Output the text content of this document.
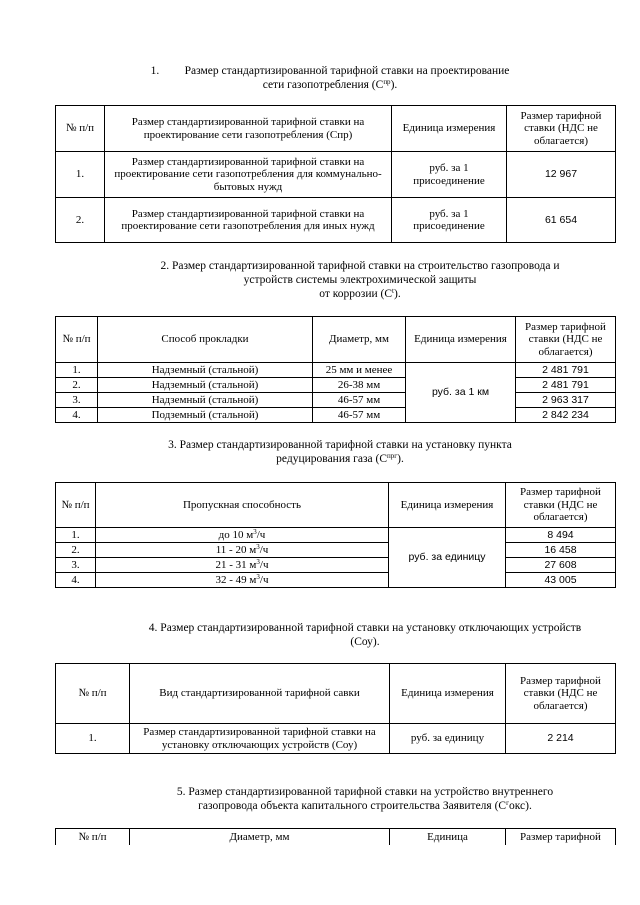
1. Размер стандартизированной тарифной ставки на проектирование
сети газопотребления $(С^{пр})$.
№ п/п	Размер стандартизированной тарифной ставки на проектирование сети газопотребления (Спр)	Единица измерения	Размер тарифной ставки (НДС не облагается)
1.	Размер стандартизированной тарифной ставки на проектирование сети газопотребления для коммунально-бытовых нужд	руб. за 1 присоединение	12 967
2.	Размер стандартизированной тарифной ставки на проектирование сети газопотребления для иных нужд	руб. за 1 присоединение	61 654
2. Размер стандартизированной тарифной ставки на строительство газопровода и
устройств системы электрохимической защиты
от коррозии $(С^t)$.
№ п/п	Способ прокладки	Диаметр, мм	Единица измерения	Размер тарифной ставки (НДС не облагается)
1.	Надземный (стальной)	25 мм и менее	руб. за 1 км	2 481 791
2.	Надземный (стальной)	26-38 мм		2 481 791
3.	Надземный (стальной)	46-57 мм		2 963 317
4.	Подземный (стальной)	46-57 мм		2 842 234
3. Размер стандартизированной тарифной ставки на установку пункта
редуцирования газа $(С^{прг})$.
№ п/п	Пропускная способность	Единица измерения	Размер тарифной ставки (НДС не облагается)
1.	до 10 $м^3/ч$	руб. за единицу	8 494
2.	11 - 20 $м^3/ч$		16 458
3.	21 - 31 $м^3/ч$		27 608
4.	32 - 49 $м^3/ч$		43 005
4. Размер стандартизированной тарифной ставки на установку отключающих устройств
(Соу).
№ п/п	Вид стандартизированной тарифной савки	Единица измерения	Размер тарифной ставки (НДС не облагается)
1.	Размер стандартизированной тарифной ставки на установку отключающих устройств (Соу)	руб. за единицу	2 214
5. Размер стандартизированной тарифной ставки на устройство внутреннего
газопровода объекта капитального строительства Заявителя $(С^гокс)$.
№ п/п	Диаметр, мм	Единица	Размер тарифной
